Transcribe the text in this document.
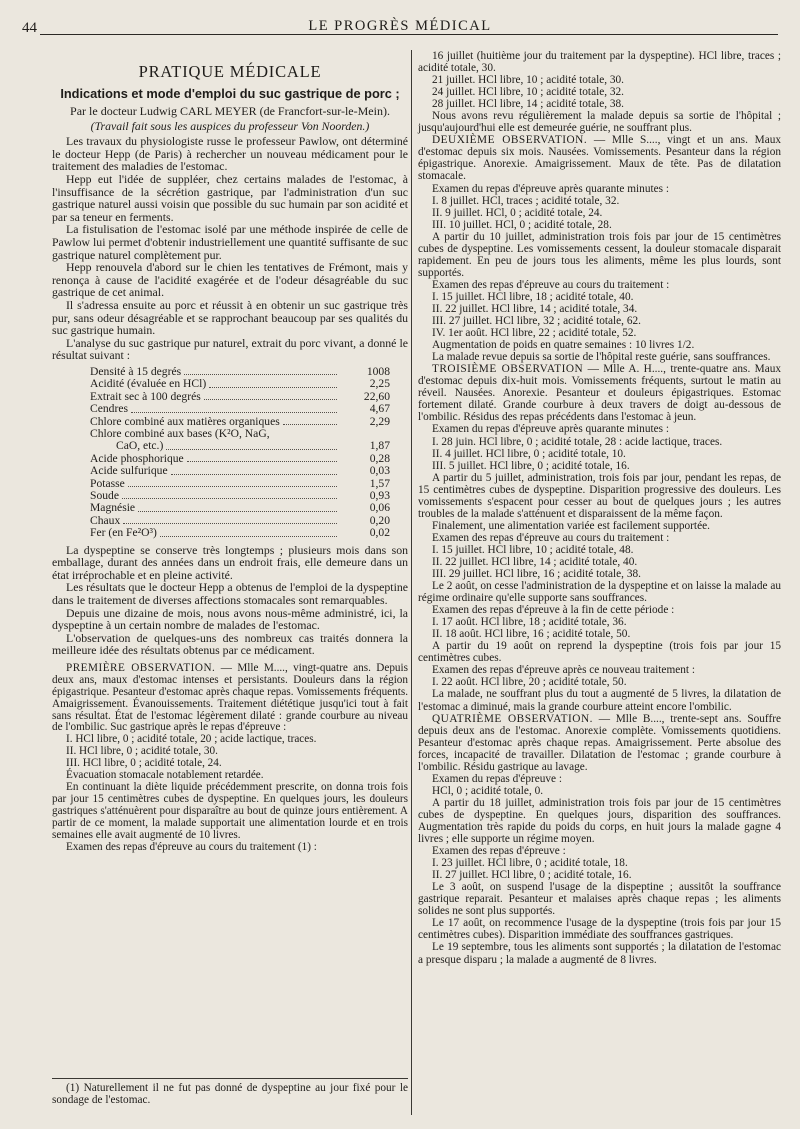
44	LE PROGRÈS MÉDICAL
PRATIQUE MÉDICALE
Indications et mode d'emploi du suc gastrique de porc ;
Par le docteur Ludwig CARL MEYER (de Francfort-sur-le-Mein).
(Travail fait sous les auspices du professeur Von Noorden.)

Les travaux du physiologiste russe le professeur Pawlow, ont déterminé le docteur Hepp (de Paris) à rechercher un nouveau médicament pour le traitement des maladies de l'estomac.

Hepp eut l'idée de suppléer, chez certains malades de l'estomac, à l'insuffisance de la sécrétion gastrique, par l'administration d'un suc gastrique naturel aussi voisin que possible du suc humain par son acidité et par sa teneur en ferments.

La fistulisation de l'estomac isolé par une méthode inspirée de celle de Pawlow lui permet d'obtenir industriellement une quantité suffisante de suc gastrique naturel complètement pur.

Hepp renouvela d'abord sur le chien les tentatives de Frémont, mais y renonça à cause de l'acidité exagérée et de l'odeur désagréable du suc gastrique de cet animal.

Il s'adressa ensuite au porc et réussit à en obtenir un suc gastrique très pur, sans odeur désagréable et se rapprochant beaucoup par ses qualités du suc gastrique humain.

L'analyse du suc gastrique pur naturel, extrait du porc vivant, a donné le résultat suivant :

Densité à 15 degrés	1008
Acidité (évaluée en HCl)	2,25
Extrait sec à 100 degrés	22,60
Cendres	4,67
Chlore combiné aux matières organiques	2,29
Chlore combiné aux bases (K²O, NaG,
CaO, etc.)	1,87
Acide phosphorique	0,28
Acide sulfurique	0,03
Potasse	1,57
Soude	0,93
Magnésie	0,06
Chaux	0,20
Fer (en Fe²O³)	0,02

La dyspeptine se conserve très longtemps ; plusieurs mois dans son emballage, durant des années dans un endroit frais, elle demeure dans un état irréprochable et en pleine activité.

Les résultats que le docteur Hepp a obtenus de l'emploi de la dyspeptine dans le traitement de diverses affections stomacales sont remarquables.

Depuis une dizaine de mois, nous avons nous-même administré, ici, la dyspeptine à un certain nombre de malades de l'estomac.

L'observation de quelques-uns des nombreux cas traités donnera la meilleure idée des résultats obtenus par ce médicament.

PREMIÈRE OBSERVATION. — Mlle M...., vingt-quatre ans. Depuis deux ans, maux d'estomac intenses et persistants. Douleurs dans la région épigastrique. Pesanteur d'estomac après chaque repas. Vomissements fréquents. Amaigrissement. Évanouissements. Traitement diététique jusqu'ici tout à fait sans résultat. État de l'estomac légèrement dilaté : grande courbure au niveau de l'ombilic. Suc gastrique après le repas d'épreuve :

I. HCl libre, 0 ; acidité totale, 20 ; acide lactique, traces.

II. HCl libre, 0 ; acidité totale, 30.

III. HCl libre, 0 ; acidité totale, 24.

Évacuation stomacale notablement retardée.

En continuant la diète liquide précédemment prescrite, on donna trois fois par jour 15 centimètres cubes de dyspeptine. En quelques jours, les douleurs gastriques s'atténuèrent pour disparaître au bout de quinze jours entièrement. A partir de ce moment, la malade supportait une alimentation lourde et en trois semaines elle avait augmenté de 10 livres.

Examen des repas d'épreuve au cours du traitement (1) :

(1) Naturellement il ne fut pas donné de dyspeptine au jour fixé pour le sondage de l'estomac.

16 juillet (huitième jour du traitement par la dyspeptine). HCl libre, traces ; acidité totale, 30.

21 juillet. HCl libre, 10 ; acidité totale, 30.

24 juillet. HCl libre, 10 ; acidité totale, 32.

28 juillet. HCl libre, 14 ; acidité totale, 38.

Nous avons revu régulièrement la malade depuis sa sortie de l'hôpital ; jusqu'aujourd'hui elle est demeurée guérie, ne souffrant plus.

DEUXIÈME OBSERVATION. — Mlle S...., vingt et un ans. Maux d'estomac depuis six mois. Nausées. Vomissements. Pesanteur dans la région épigastrique. Anorexie. Amaigrissement. Maux de tête. Pas de dilatation stomacale.

Examen du repas d'épreuve après quarante minutes :

I. 8 juillet. HCl, traces ; acidité totale, 32.

II. 9 juillet. HCl, 0 ; acidité totale, 24.

III. 10 juillet. HCl, 0 ; acidité totale, 28.

A partir du 10 juillet, administration trois fois par jour de 15 centimètres cubes de dyspeptine. Les vomissements cessent, la douleur stomacale disparait rapidement. En peu de jours tous les aliments, même les plus lourds, sont supportés.

Examen des repas d'épreuve au cours du traitement :

I. 15 juillet. HCl libre, 18 ; acidité totale, 40.

II. 22 juillet. HCl libre, 14 ; acidité totale, 34.

III. 27 juillet. HCl libre, 32 ; acidité totale, 62.

IV. 1er août. HCl libre, 22 ; acidité totale, 52.

Augmentation de poids en quatre semaines : 10 livres 1/2.

La malade revue depuis sa sortie de l'hôpital reste guérie, sans souffrances.

TROISIÈME OBSERVATION — Mlle A. H...., trente-quatre ans. Maux d'estomac depuis dix-huit mois. Vomissements fréquents, surtout le matin au réveil. Nausées. Anorexie. Pesanteur et douleurs épigastriques. Estomac fortement dilaté. Grande courbure à deux travers de doigt au-dessous de l'ombilic. Résidus des repas précédents dans l'estomac à jeun.

Examen du repas d'épreuve après quarante minutes :

I. 28 juin. HCl libre, 0 ; acidité totale, 28 : acide lactique, traces.

II. 4 juillet. HCl libre, 0 ; acidité totale, 10.

III. 5 juillet. HCl libre, 0 ; acidité totale, 16.

A partir du 5 juillet, administration, trois fois par jour, pendant les repas, de 15 centimètres cubes de dyspeptine. Disparition progressive des douleurs. Les vomissements s'espacent pour cesser au bout de quelques jours ; les autres troubles de la malade s'atténuent et disparaissent de la même façon.

Finalement, une alimentation variée est facilement supportée.

Examen des repas d'épreuve au cours du traitement :

I. 15 juillet. HCl libre, 10 ; acidité totale, 48.

II. 22 juillet. HCl libre, 14 ; acidité totale, 40.

III. 29 juillet. HCl libre, 16 ; acidité totale, 38.

Le 2 août, on cesse l'administration de la dyspeptine et on laisse la malade au régime ordinaire qu'elle supporte sans souffrances.

Examen des repas d'épreuve à la fin de cette période :

I. 17 août. HCl libre, 18 ; acidité totale, 36.

II. 18 août. HCl libre, 16 ; acidité totale, 50.

A partir du 19 août on reprend la dyspeptine (trois fois par jour 15 centimètres cubes.

Examen des repas d'épreuve après ce nouveau traitement :

I. 22 août. HCl libre, 20 ; acidité totale, 50.

La malade, ne souffrant plus du tout a augmenté de 5 livres, la dilatation de l'estomac a diminué, mais la grande courbure atteint encore l'ombilic.

QUATRIÈME OBSERVATION. — Mlle B...., trente-sept ans. Souffre depuis deux ans de l'estomac. Anorexie complète. Vomissements quotidiens. Pesanteur d'estomac après chaque repas. Amaigrissement. Perte absolue des forces, incapacité de travailler. Dilatation de l'estomac ; grande courbure à l'ombilic. Résidu gastrique au lavage.

Examen du repas d'épreuve :

HCl, 0 ; acidité totale, 0.

A partir du 18 juillet, administration trois fois par jour de 15 centimètres cubes de dyspeptine. En quelques jours, disparition des souffrances. Augmentation très rapide du poids du corps, en huit jours la malade gagne 4 livres ; elle supporte un régime moyen.

Examen des repas d'épreuve :

I. 23 juillet. HCl libre, 0 ; acidité totale, 18.

II. 27 juillet. HCl libre, 0 ; acidité totale, 16.

Le 3 août, on suspend l'usage de la dispeptine ; aussitôt la souffrance gastrique reparait. Pesanteur et malaises après chaque repas ; les aliments solides ne sont plus supportés.

Le 17 août, on recommence l'usage de la dyspeptine (trois fois par jour 15 centimètres cubes). Disparition immédiate des souffrances gastriques.

Le 19 septembre, tous les aliments sont supportés ; la dilatation de l'estomac a presque disparu ; la malade a augmenté de 8 livres.
